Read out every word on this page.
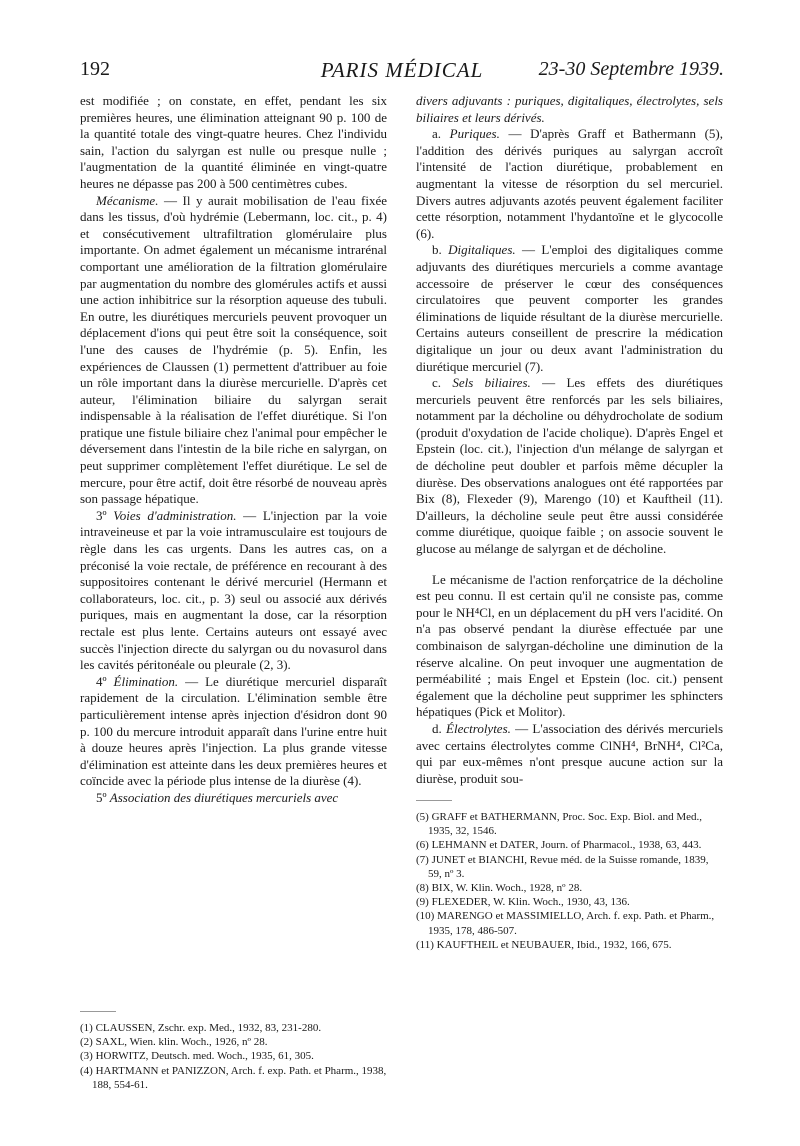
192	PARIS MÉDICAL	23-30 Septembre 1939.

est modifiée ; on constate, en effet, pendant les six premières heures, une élimination atteignant 90 p. 100 de la quantité totale des vingt-quatre heures. Chez l'individu sain, l'action du salyrgan est nulle ou presque nulle ; l'augmentation de la quantité éliminée en vingt-quatre heures ne dépasse pas 200 à 500 centimètres cubes.

Mécanisme. — Il y aurait mobilisation de l'eau fixée dans les tissus, d'où hydrémie (Lebermann, loc. cit., p. 4) et consécutivement ultrafiltration glomérulaire plus importante. On admet également un mécanisme intrarénal comportant une amélioration de la filtration glomérulaire par augmentation du nombre des glomérules actifs et aussi une action inhibitrice sur la résorption aqueuse des tubuli. En outre, les diurétiques mercuriels peuvent provoquer un déplacement d'ions qui peut être soit la conséquence, soit l'une des causes de l'hydrémie (p. 5). Enfin, les expériences de Claussen (1) permettent d'attribuer au foie un rôle important dans la diurèse mercurielle. D'après cet auteur, l'élimination biliaire du salyrgan serait indispensable à la réalisation de l'effet diurétique. Si l'on pratique une fistule biliaire chez l'animal pour empêcher le déversement dans l'intestin de la bile riche en salyrgan, on peut supprimer complètement l'effet diurétique. Le sel de mercure, pour être actif, doit être résorbé de nouveau après son passage hépatique.

3º Voies d'administration. — L'injection par la voie intraveineuse et par la voie intramusculaire est toujours de règle dans les cas urgents. Dans les autres cas, on a préconisé la voie rectale, de préférence en recourant à des suppositoires contenant le dérivé mercuriel (Hermann et collaborateurs, loc. cit., p. 3) seul ou associé aux dérivés puriques, mais en augmentant la dose, car la résorption rectale est plus lente. Certains auteurs ont essayé avec succès l'injection directe du salyrgan ou du novasurol dans les cavités péritonéale ou pleurale (2, 3).

4º Élimination. — Le diurétique mercuriel disparaît rapidement de la circulation. L'élimination semble être particulièrement intense après injection d'ésidron dont 90 p. 100 du mercure introduit apparaît dans l'urine entre huit à douze heures après l'injection. La plus grande vitesse d'élimination est atteinte dans les deux premières heures et coïncide avec la période plus intense de la diurèse (4).

5º Association des diurétiques mercuriels avec

(1) CLAUSSEN, Zschr. exp. Med., 1932, 83, 231-280.
(2) SAXL, Wien. klin. Woch., 1926, nº 28.
(3) HORWITZ, Deutsch. med. Woch., 1935, 61, 305.
(4) HARTMANN et PANIZZON, Arch. f. exp. Path. et Pharm., 1938, 188, 554-61.

divers adjuvants : puriques, digitaliques, électrolytes, sels biliaires et leurs dérivés.

a. Puriques. — D'après Graff et Bathermann (5), l'addition des dérivés puriques au salyrgan accroît l'intensité de l'action diurétique, probablement en augmentant la vitesse de résorption du sel mercuriel. Divers autres adjuvants azotés peuvent également faciliter cette résorption, notamment l'hydantoïne et le glycocolle (6).

b. Digitaliques. — L'emploi des digitaliques comme adjuvants des diurétiques mercuriels a comme avantage accessoire de préserver le cœur des conséquences circulatoires que peuvent comporter les grandes éliminations de liquide résultant de la diurèse mercurielle. Certains auteurs conseillent de prescrire la médication digitalique un jour ou deux avant l'administration du diurétique mercuriel (7).

c. Sels biliaires. — Les effets des diurétiques mercuriels peuvent être renforcés par les sels biliaires, notamment par la décholine ou déhydrocholate de sodium (produit d'oxydation de l'acide cholique). D'après Engel et Epstein (loc. cit.), l'injection d'un mélange de salyrgan et de décholine peut doubler et parfois même décupler la diurèse. Des observations analogues ont été rapportées par Bix (8), Flexeder (9), Marengo (10) et Kauftheil (11). D'ailleurs, la décholine seule peut être aussi considérée comme diurétique, quoique faible ; on associe souvent le glucose au mélange de salyrgan et de décholine.

Le mécanisme de l'action renforçatrice de la décholine est peu connu. Il est certain qu'il ne consiste pas, comme pour le NH⁴Cl, en un déplacement du pH vers l'acidité. On n'a pas observé pendant la diurèse effectuée par une combinaison de salyrgan-décholine une diminution de la réserve alcaline. On peut invoquer une augmentation de perméabilité ; mais Engel et Epstein (loc. cit.) pensent également que la décholine peut supprimer les sphincters hépatiques (Pick et Molitor).

d. Électrolytes. — L'association des dérivés mercuriels avec certains électrolytes comme ClNH⁴, BrNH⁴, Cl²Ca, qui par eux-mêmes n'ont presque aucune action sur la diurèse, produit sou-

(5) GRAFF et BATHERMANN, Proc. Soc. Exp. Biol. and Med., 1935, 32, 1546.
(6) LEHMANN et DATER, Journ. of Pharmacol., 1938, 63, 443.
(7) JUNET et BIANCHI, Revue méd. de la Suisse romande, 1839, 59, nº 3.
(8) BIX, W. Klin. Woch., 1928, nº 28.
(9) FLEXEDER, W. Klin. Woch., 1930, 43, 136.
(10) MARENGO et MASSIMIELLO, Arch. f. exp. Path. et Pharm., 1935, 178, 486-507.
(11) KAUFTHEIL et NEUBAUER, Ibid., 1932, 166, 675.
